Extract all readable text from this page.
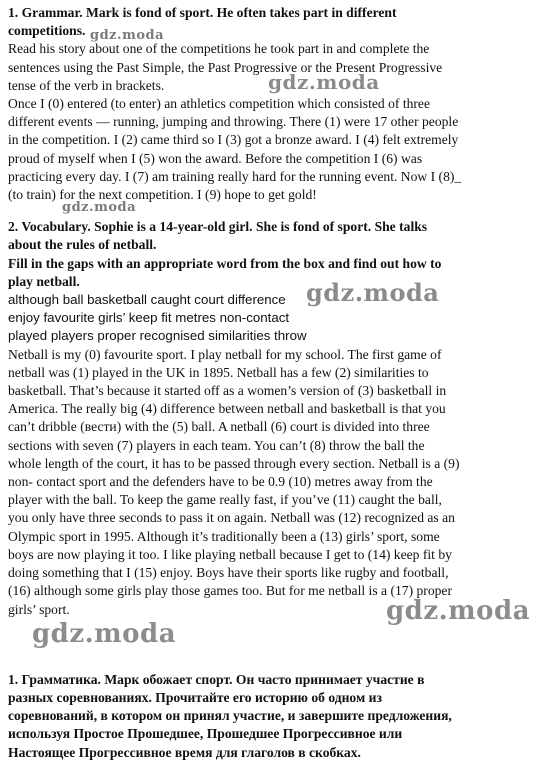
1. Grammar. Mark is fond of sport. He often takes part in different

competitions.

Read his story about one of the competitions he took part in and complete the

sentences using the Past Simple, the Past Progressive or the Present Progressive

tense of the verb in brackets.

Once I (0) entered (to enter) an athletics competition which consisted of three

different events — running, jumping and throwing. There (1) were 17 other people

in the competition. I (2) came third so I (3) got a bronze award. I (4) felt extremely

proud of myself when I (5) won the award. Before the competition I (6) was

practicing every day. I (7) am training really hard for the running event. Now I (8)_

(to train) for the next competition. I (9) hope to get gold!

2. Vocabulary. Sophie is a 14-year-old girl. She is fond of sport. She talks

about the rules of netball.

Fill in the gaps with an appropriate word from the box and find out how to

play netball.

although ball basketball caught court difference

enjoy favourite girls’ keep fit metres non-contact

played players proper recognised similarities throw

Netball is my (0) favourite sport. I play netball for my school. The first game of

netball was (1) played in the UK in 1895. Netball has a few (2) similarities to

basketball. That’s because it started off as a women’s version of (3) basketball in

America. The really big (4) difference between netball and basketball is that you

can’t dribble (вести) with the (5) ball. A netball (6) court is divided into three

sections with seven (7) players in each team. You can’t (8) throw the ball the

whole length of the court, it has to be passed through every section. Netball is a (9)

non- contact sport and the defenders have to be 0.9 (10) metres away from the

player with the ball. To keep the game really fast, if you’ve (11) caught the ball,

you only have three seconds to pass it on again. Netball was (12) recognized as an

Olympic sport in 1995. Although it’s traditionally been a (13) girls’ sport, some

boys are now playing it too. I like playing netball because I get to (14) keep fit by

doing something that I (15) enjoy. Boys have their sports like rugby and football,

(16) although some girls play those games too. But for me netball is a (17) proper

girls’ sport.

1. Грамматика. Марк обожает спорт. Он часто принимает участие в

разных соревнованиях. Прочитайте его историю об одном из

соревнований, в котором он принял участие, и завершите предложения,

используя Простое Прошедшее, Прошедшее Прогрессивное или

Настоящее Прогрессивное время для глаголов в скобках.

gdz.moda
gdz.moda
gdz.moda
gdz.moda
gdz.moda
gdz.moda
